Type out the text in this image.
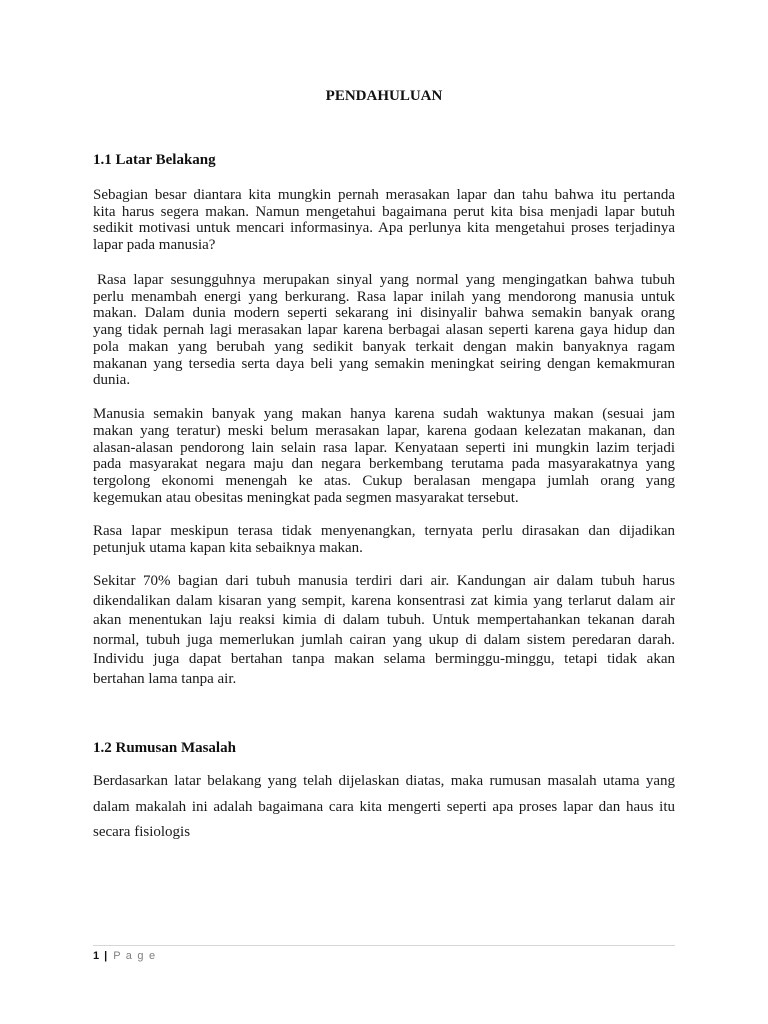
PENDAHULUAN
1.1 Latar Belakang

Sebagian besar diantara kita mungkin pernah merasakan lapar dan tahu bahwa itu pertanda
kita harus segera makan. Namun mengetahui bagaimana perut kita bisa menjadi lapar butuh
sedikit motivasi untuk mencari informasinya. Apa perlunya kita mengetahui proses terjadinya
lapar pada manusia?

Rasa lapar sesungguhnya merupakan sinyal yang normal yang mengingatkan bahwa tubuh
perlu menambah energi yang berkurang. Rasa lapar inilah yang mendorong manusia untuk
makan. Dalam dunia modern seperti sekarang ini disinyalir bahwa semakin banyak orang
yang tidak pernah lagi merasakan lapar karena berbagai alasan seperti karena gaya hidup dan
pola makan yang berubah yang sedikit banyak terkait dengan makin banyaknya ragam
makanan yang tersedia serta daya beli yang semakin meningkat seiring dengan kemakmuran
dunia.

Manusia semakin banyak yang makan hanya karena sudah waktunya makan (sesuai jam
makan yang teratur) meski belum merasakan lapar, karena godaan kelezatan makanan, dan
alasan-alasan pendorong lain selain rasa lapar. Kenyataan seperti ini mungkin lazim terjadi
pada masyarakat negara maju dan negara berkembang terutama pada masyarakatnya yang
tergolong ekonomi menengah ke atas. Cukup beralasan mengapa jumlah orang yang
kegemukan atau obesitas meningkat pada segmen masyarakat tersebut.

Rasa lapar meskipun terasa tidak menyenangkan, ternyata perlu dirasakan dan dijadikan
petunjuk utama kapan kita sebaiknya makan.

Sekitar 70% bagian dari tubuh manusia terdiri dari air. Kandungan air dalam tubuh harus
dikendalikan dalam kisaran yang sempit, karena konsentrasi zat kimia yang terlarut dalam air
akan menentukan laju reaksi kimia di dalam tubuh. Untuk mempertahankan tekanan darah
normal, tubuh juga memerlukan jumlah cairan yang ukup di dalam sistem peredaran darah.
Individu juga dapat bertahan tanpa makan selama berminggu-minggu, tetapi tidak akan
bertahan lama tanpa air.

1.2 Rumusan Masalah

Berdasarkan latar belakang yang telah dijelaskan diatas, maka rumusan masalah utama yang
dalam makalah ini adalah bagaimana cara kita mengerti seperti apa proses lapar dan haus itu
secara fisiologis

1 | P a g e
